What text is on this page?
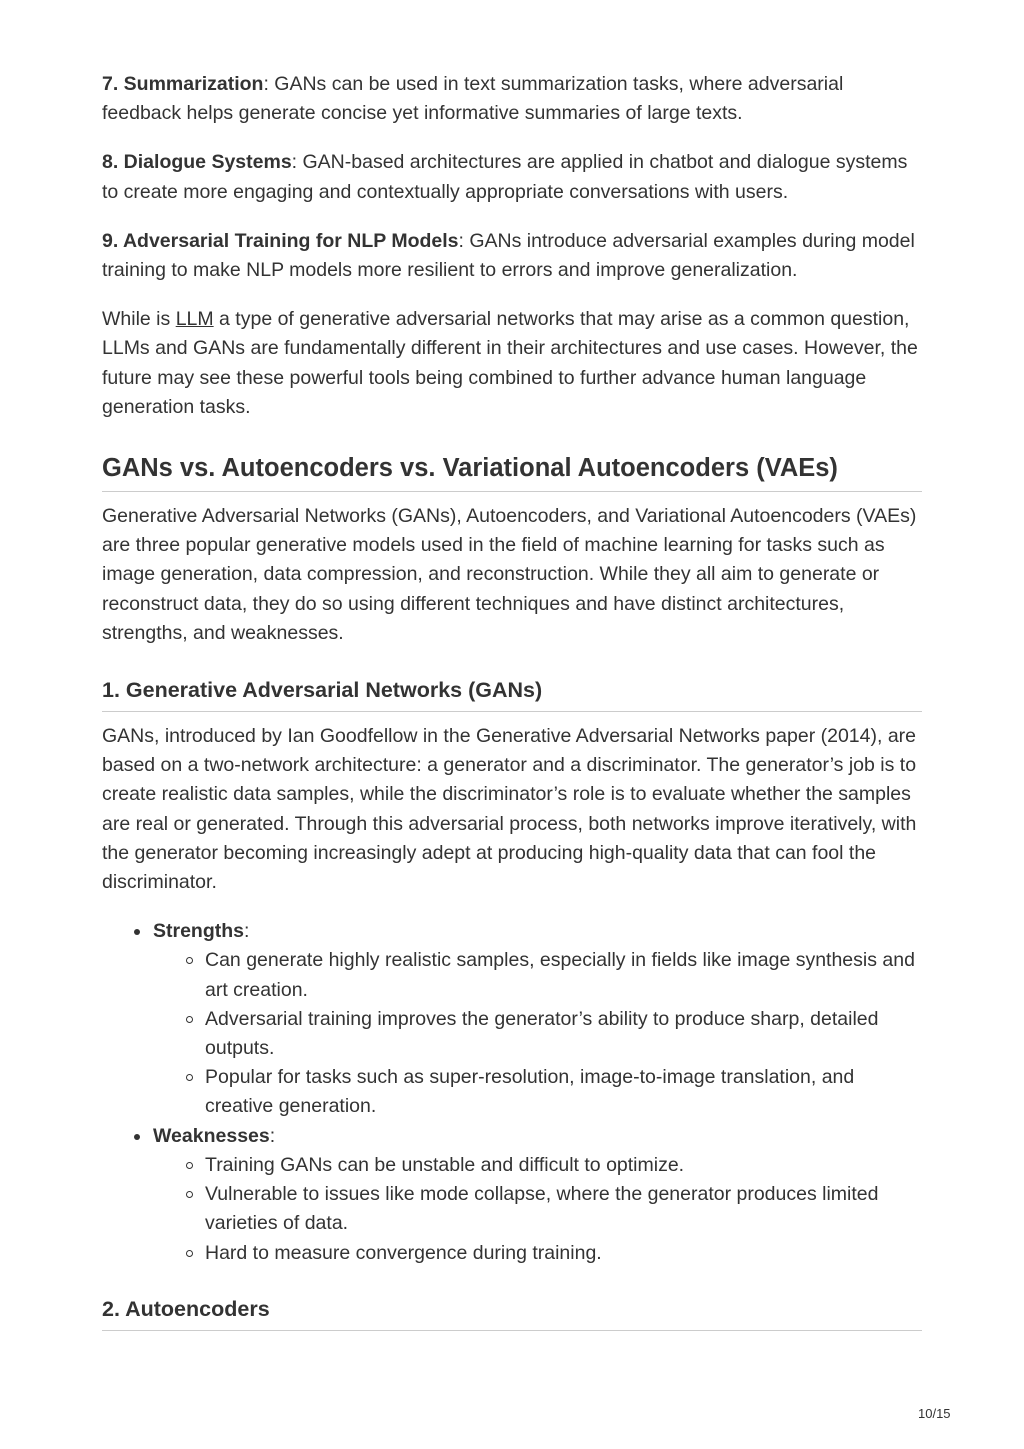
7. Summarization: GANs can be used in text summarization tasks, where adversarial feedback helps generate concise yet informative summaries of large texts.

8. Dialogue Systems: GAN-based architectures are applied in chatbot and dialogue systems to create more engaging and contextually appropriate conversations with users.

9. Adversarial Training for NLP Models: GANs introduce adversarial examples during model training to make NLP models more resilient to errors and improve generalization.

While is LLM a type of generative adversarial networks that may arise as a common question, LLMs and GANs are fundamentally different in their architectures and use cases. However, the future may see these powerful tools being combined to further advance human language generation tasks.

GANs vs. Autoencoders vs. Variational Autoencoders (VAEs)

Generative Adversarial Networks (GANs), Autoencoders, and Variational Autoencoders (VAEs) are three popular generative models used in the field of machine learning for tasks such as image generation, data compression, and reconstruction. While they all aim to generate or reconstruct data, they do so using different techniques and have distinct architectures, strengths, and weaknesses.

1. Generative Adversarial Networks (GANs)

GANs, introduced by Ian Goodfellow in the Generative Adversarial Networks paper (2014), are based on a two-network architecture: a generator and a discriminator. The generator’s job is to create realistic data samples, while the discriminator’s role is to evaluate whether the samples are real or generated. Through this adversarial process, both networks improve iteratively, with the generator becoming increasingly adept at producing high-quality data that can fool the discriminator.

Strengths:
Can generate highly realistic samples, especially in fields like image synthesis and art creation.
Adversarial training improves the generator’s ability to produce sharp, detailed outputs.
Popular for tasks such as super-resolution, image-to-image translation, and creative generation.
Weaknesses:
Training GANs can be unstable and difficult to optimize.
Vulnerable to issues like mode collapse, where the generator produces limited varieties of data.
Hard to measure convergence during training.
2. Autoencoders
10/15
